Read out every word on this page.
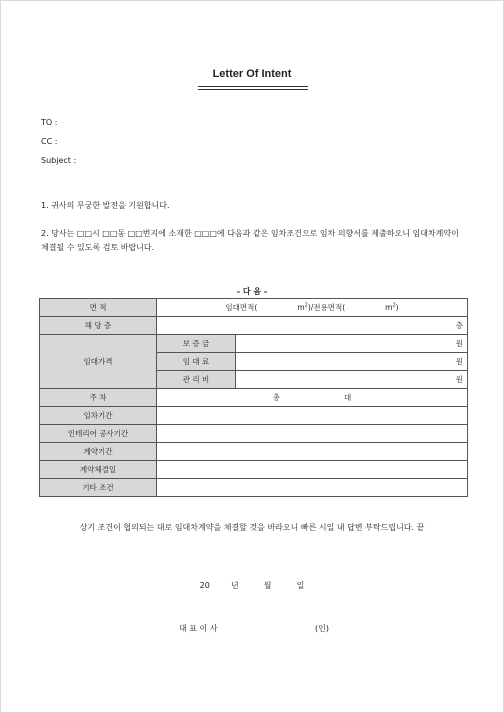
Letter Of Intent
TO :
CC :
Subject :
1. 귀사의 무궁한 발전을 기원합니다.
2. 당사는 □□시 □□동 □□번지에 소재한 □□□에 다음과 같은 임차조건으로 임차 의향서를 제출하오니 임대차계약이 체결될 수 있도록 검토 바랍니다.
- 다 음 -
면 적	임대면적( $m^2)/$전용면적( $m^2$)	
해 당 층	층	
임대가격	보 증 금	원
	임 대 료	원
	관 리 비	원
주 차	총 대	
임차기간		
인테리어 공사기간		
계약기간		
계약체결일		
기타 조건		
상기 조건이 협의되는 대로 임대차계약을 체결할 것을 바라오니 빠른 시일 내 답변 부탁드립니다. 끝
20	년	월	일
대 표 이 사	(인)
